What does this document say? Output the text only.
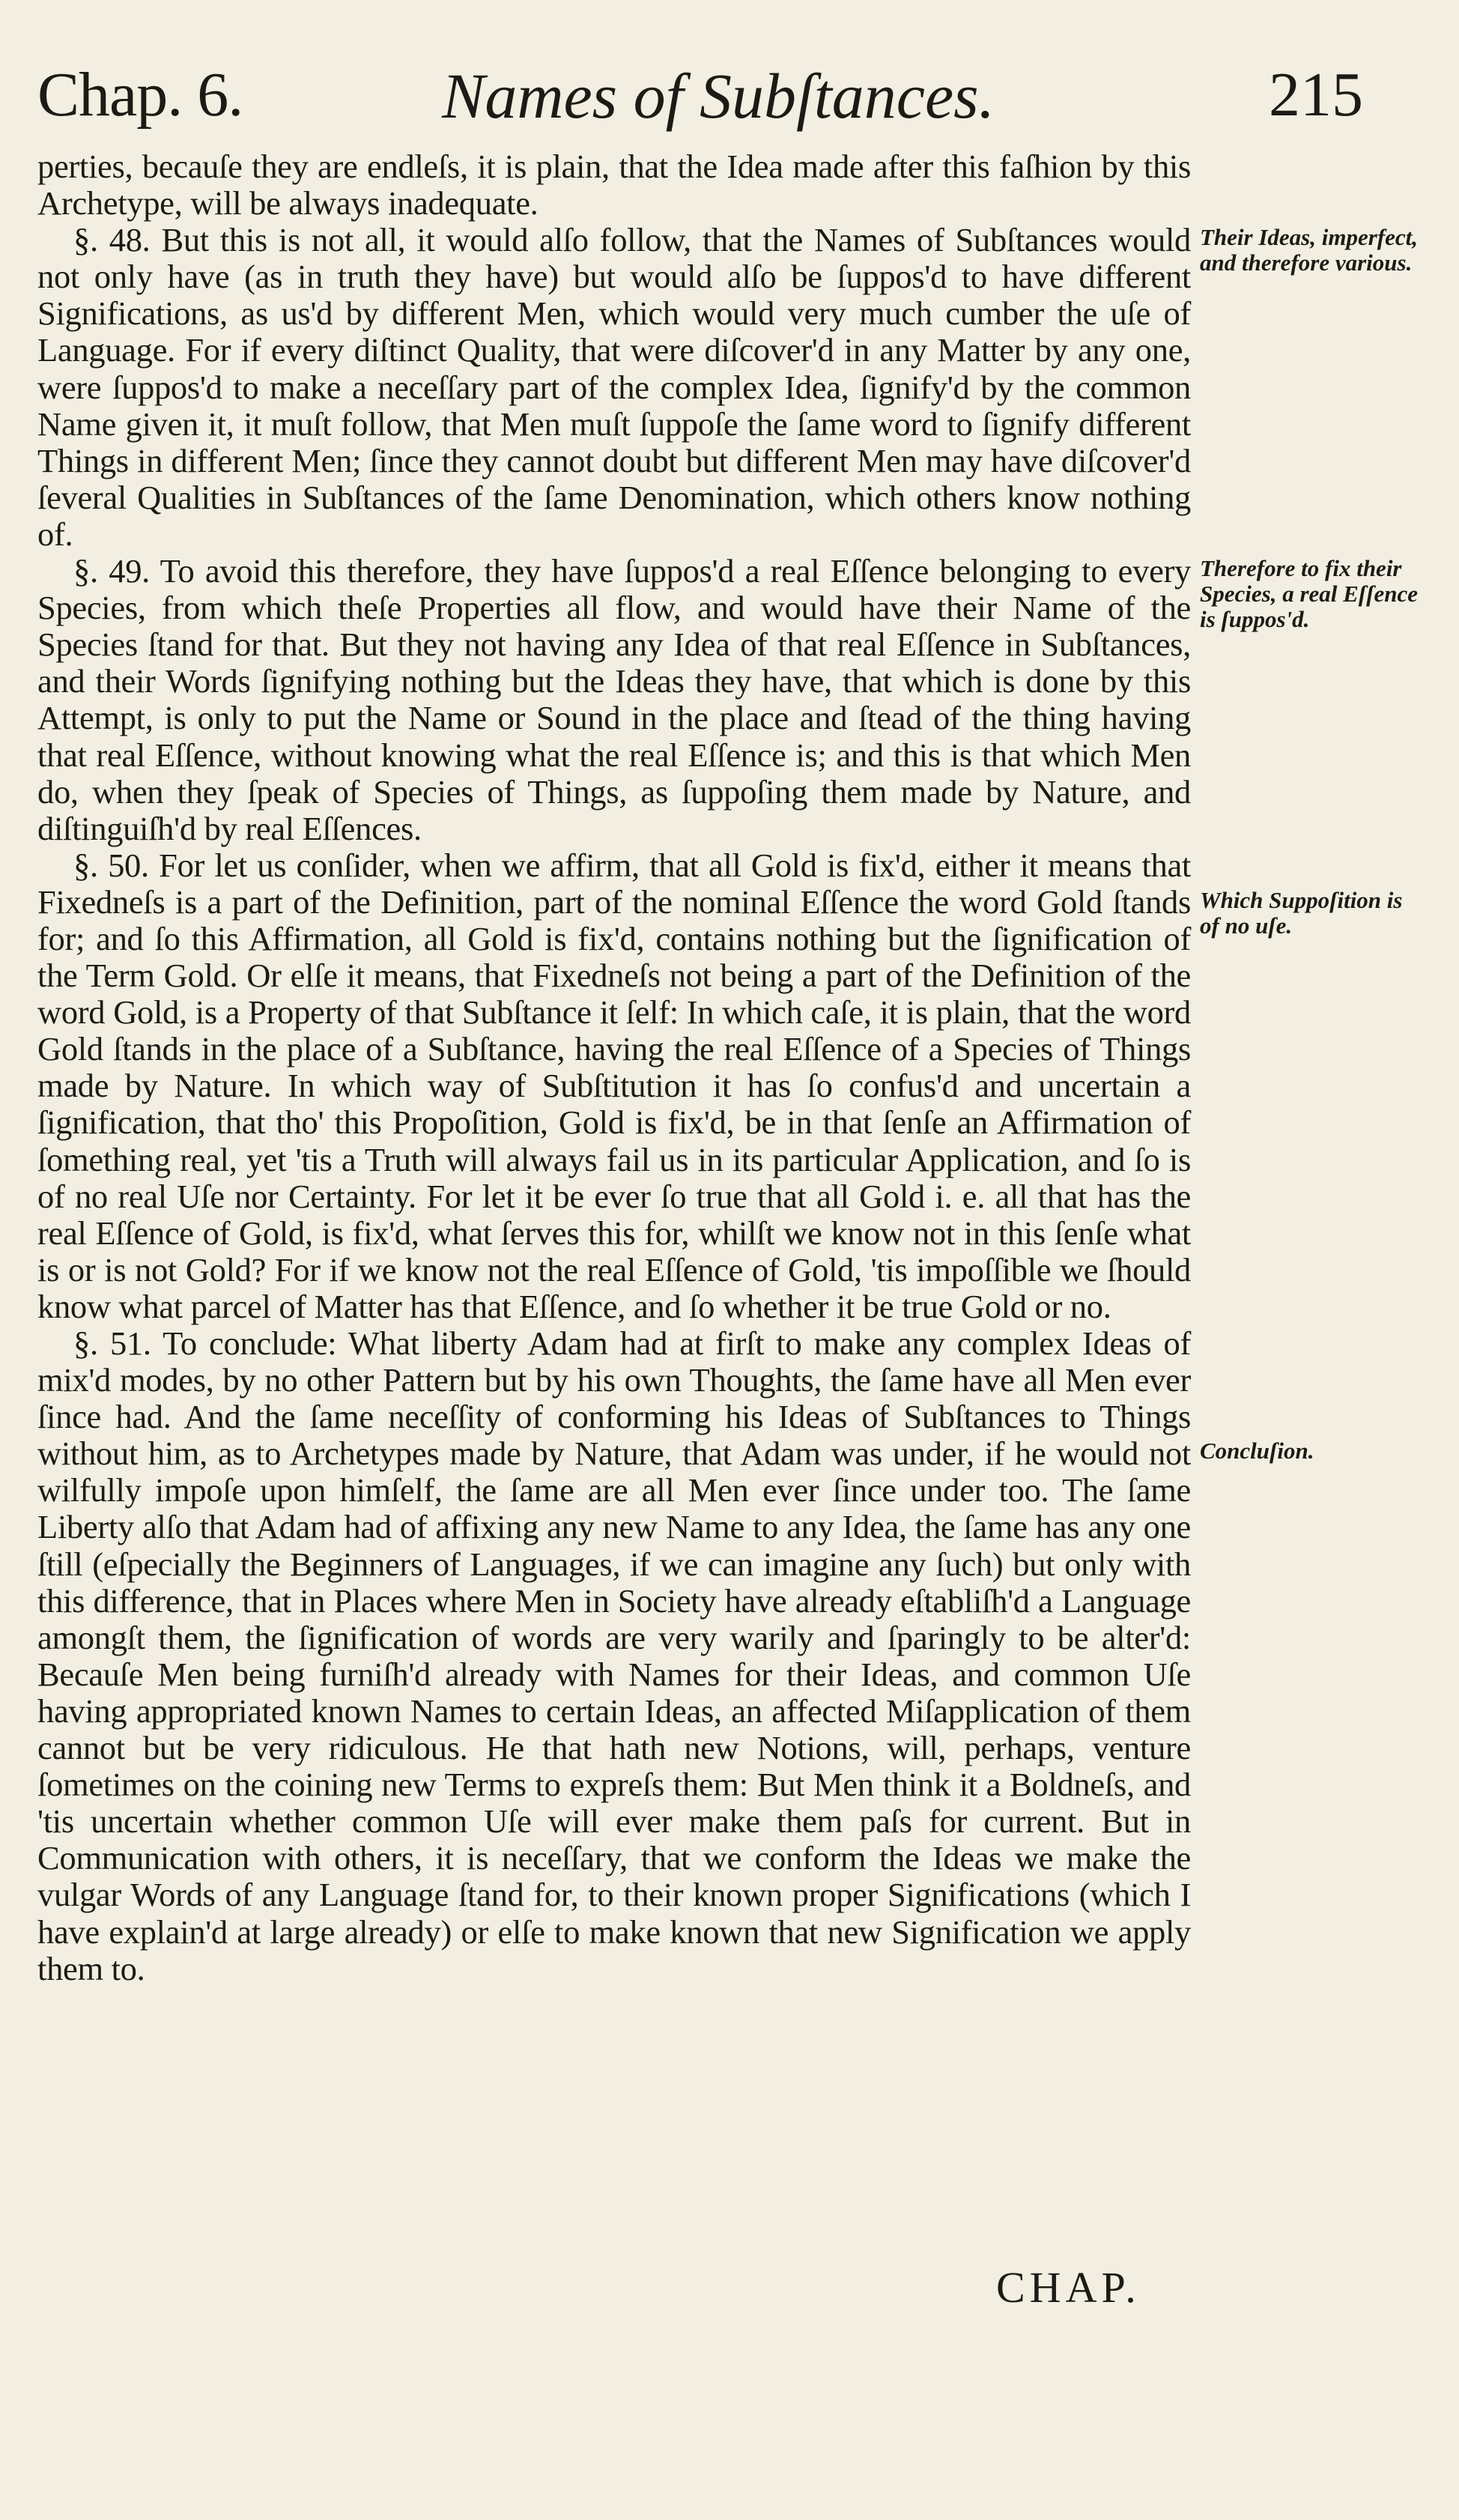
Chap. 6.	Names of Subſtances.	215

perties, becauſe they are endleſs, it is plain, that the Idea made after this faſhion by this Archetype, will be always inadequate.

§. 48. But this is not all, it would alſo follow, that the Names of Subſtances would not only have (as in truth they have) but would alſo be ſuppos'd to have different Significations, as us'd by different Men, which would very much cumber the uſe of Language. For if every diſtinct Quality, that were diſcover'd in any Matter by any one, were ſuppos'd to make a neceſſary part of the complex Idea, ſignify'd by the common Name given it, it muſt follow, that Men muſt ſuppoſe the ſame word to ſignify different Things in different Men; ſince they cannot doubt but different Men may have diſcover'd ſeveral Qualities in Subſtances of the ſame Denomination, which others know nothing of.

§. 49. To avoid this therefore, they have ſuppos'd a real Eſſence belonging to every Species, from which theſe Properties all flow, and would have their Name of the Species ſtand for that. But they not having any Idea of that real Eſſence in Subſtances, and their Words ſignifying nothing but the Ideas they have, that which is done by this Attempt, is only to put the Name or Sound in the place and ſtead of the thing having that real Eſſence, without knowing what the real Eſſence is; and this is that which Men do, when they ſpeak of Species of Things, as ſuppoſing them made by Nature, and diſtinguiſh'd by real Eſſences.

§. 50. For let us conſider, when we affirm, that all Gold is fix'd, either it means that Fixedneſs is a part of the Definition, part of the nominal Eſſence the word Gold ſtands for; and ſo this Affirmation, all Gold is fix'd, contains nothing but the ſignification of the Term Gold. Or elſe it means, that Fixedneſs not being a part of the Definition of the word Gold, is a Property of that Subſtance it ſelf: In which caſe, it is plain, that the word Gold ſtands in the place of a Subſtance, having the real Eſſence of a Species of Things made by Nature. In which way of Subſtitution it has ſo confus'd and uncertain a ſignification, that tho' this Propoſition, Gold is fix'd, be in that ſenſe an Affirmation of ſomething real, yet 'tis a Truth will always fail us in its particular Application, and ſo is of no real Uſe nor Certainty. For let it be ever ſo true that all Gold i. e. all that has the real Eſſence of Gold, is fix'd, what ſerves this for, whilſt we know not in this ſenſe what is or is not Gold? For if we know not the real Eſſence of Gold, 'tis impoſſible we ſhould know what parcel of Matter has that Eſſence, and ſo whether it be true Gold or no.

§. 51. To conclude: What liberty Adam had at firſt to make any complex Ideas of mix'd modes, by no other Pattern but by his own Thoughts, the ſame have all Men ever ſince had. And the ſame neceſſity of conforming his Ideas of Subſtances to Things without him, as to Archetypes made by Nature, that Adam was under, if he would not wilfully impoſe upon himſelf, the ſame are all Men ever ſince under too. The ſame Liberty alſo that Adam had of affixing any new Name to any Idea, the ſame has any one ſtill (eſpecially the Beginners of Languages, if we can imagine any ſuch) but only with this difference, that in Places where Men in Society have already eſtabliſh'd a Language amongſt them, the ſignification of words are very warily and ſparingly to be alter'd: Becauſe Men being furniſh'd already with Names for their Ideas, and common Uſe having appropriated known Names to certain Ideas, an affected Miſapplication of them cannot but be very ridiculous. He that hath new Notions, will, perhaps, venture ſometimes on the coining new Terms to expreſs them: But Men think it a Boldneſs, and 'tis uncertain whether common Uſe will ever make them paſs for current. But in Communication with others, it is neceſſary, that we conform the Ideas we make the vulgar Words of any Language ſtand for, to their known proper Significations (which I have explain'd at large already) or elſe to make known that new Signification we apply them to.

Their Ideas, imperfect, and therefore various.
Therefore to fix their Species, a real Eſſence is ſuppos'd.
Which Suppoſition is of no uſe.
Concluſion.
CHAP.
